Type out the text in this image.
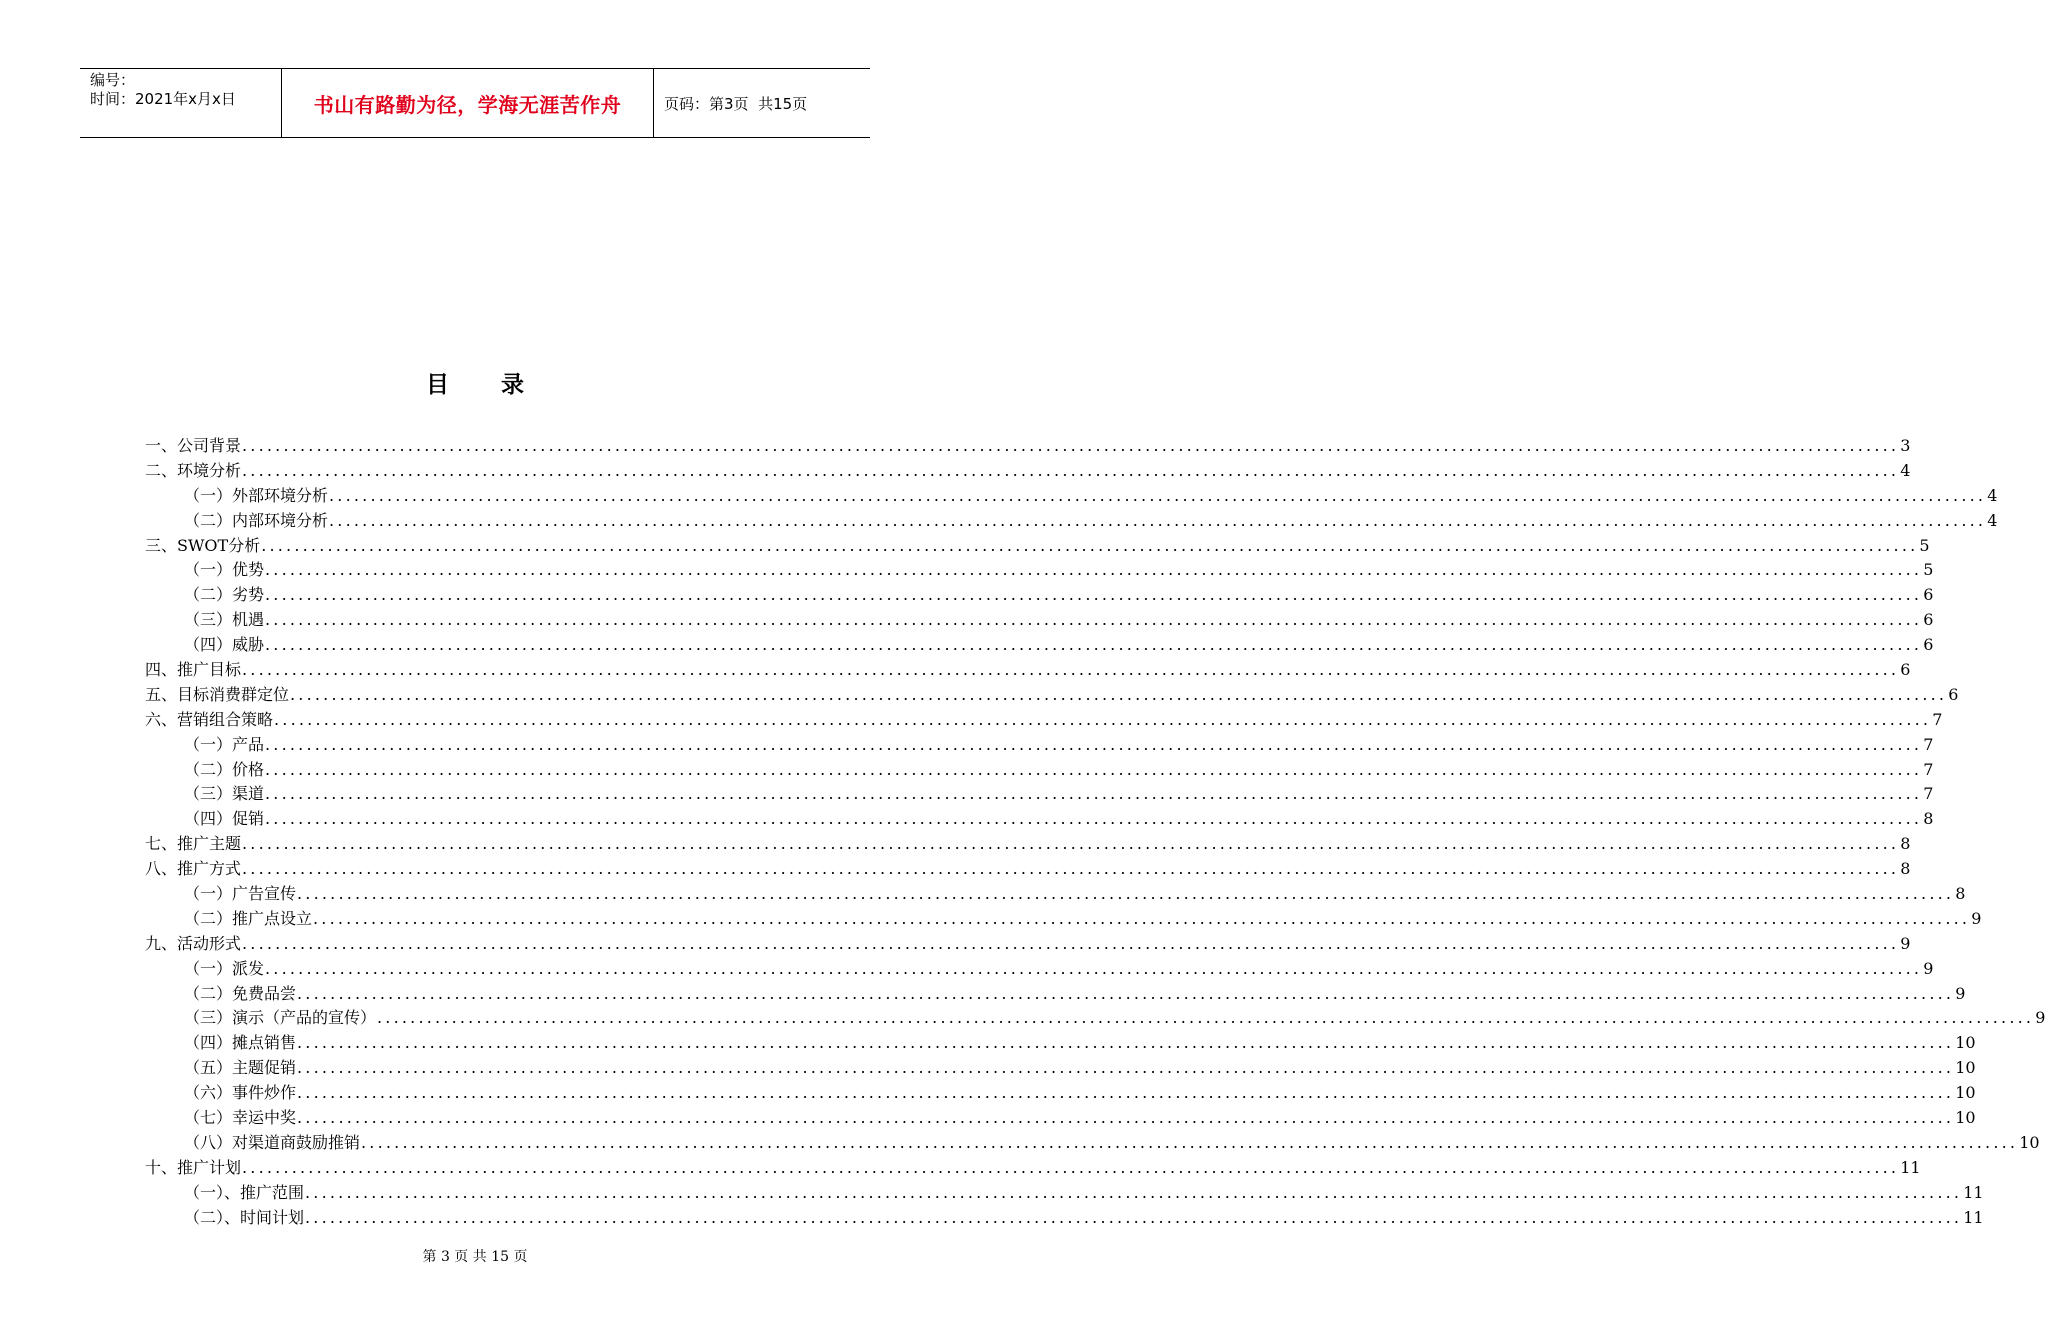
编号：
时间：2021年x月x日	书山有路勤为径，学海无涯苦作舟	页码：第3页  共15页
目 录
一、公司背景 ........................................................................................................................................................................................................ 3
二、环境分析 ........................................................................................................................................................................................................ 4
（一）外部环境分析 ........................................................................................................................................................................................................ 4
（二）内部环境分析 ........................................................................................................................................................................................................ 4
三、SWOT分析 ........................................................................................................................................................................................................ 5
（一）优势 ........................................................................................................................................................................................................ 5
（二）劣势 ........................................................................................................................................................................................................ 6
（三）机遇 ........................................................................................................................................................................................................ 6
（四）威胁 ........................................................................................................................................................................................................ 6
四、推广目标 ........................................................................................................................................................................................................ 6
五、目标消费群定位 ........................................................................................................................................................................................................ 6
六、营销组合策略 ........................................................................................................................................................................................................ 7
（一）产品 ........................................................................................................................................................................................................ 7
（二）价格 ........................................................................................................................................................................................................ 7
（三）渠道 ........................................................................................................................................................................................................ 7
（四）促销 ........................................................................................................................................................................................................ 8
七、推广主题 ........................................................................................................................................................................................................ 8
八、推广方式 ........................................................................................................................................................................................................ 8
（一）广告宣传 ........................................................................................................................................................................................................ 8
（二）推广点设立 ........................................................................................................................................................................................................ 9
九、活动形式 ........................................................................................................................................................................................................ 9
（一）派发 ........................................................................................................................................................................................................ 9
（二）免费品尝 ........................................................................................................................................................................................................ 9
（三）演示（产品的宣传） ........................................................................................................................................................................................................ 9
（四）摊点销售 ........................................................................................................................................................................................................ 10
（五）主题促销 ........................................................................................................................................................................................................ 10
（六）事件炒作 ........................................................................................................................................................................................................ 10
（七）幸运中奖 ........................................................................................................................................................................................................ 10
（八）对渠道商鼓励推销 ........................................................................................................................................................................................................ 10
十、推广计划 ........................................................................................................................................................................................................ 11
（一）、推广范围 ........................................................................................................................................................................................................ 11
（二）、时间计划 ........................................................................................................................................................................................................ 11
第 3 页 共 15 页
